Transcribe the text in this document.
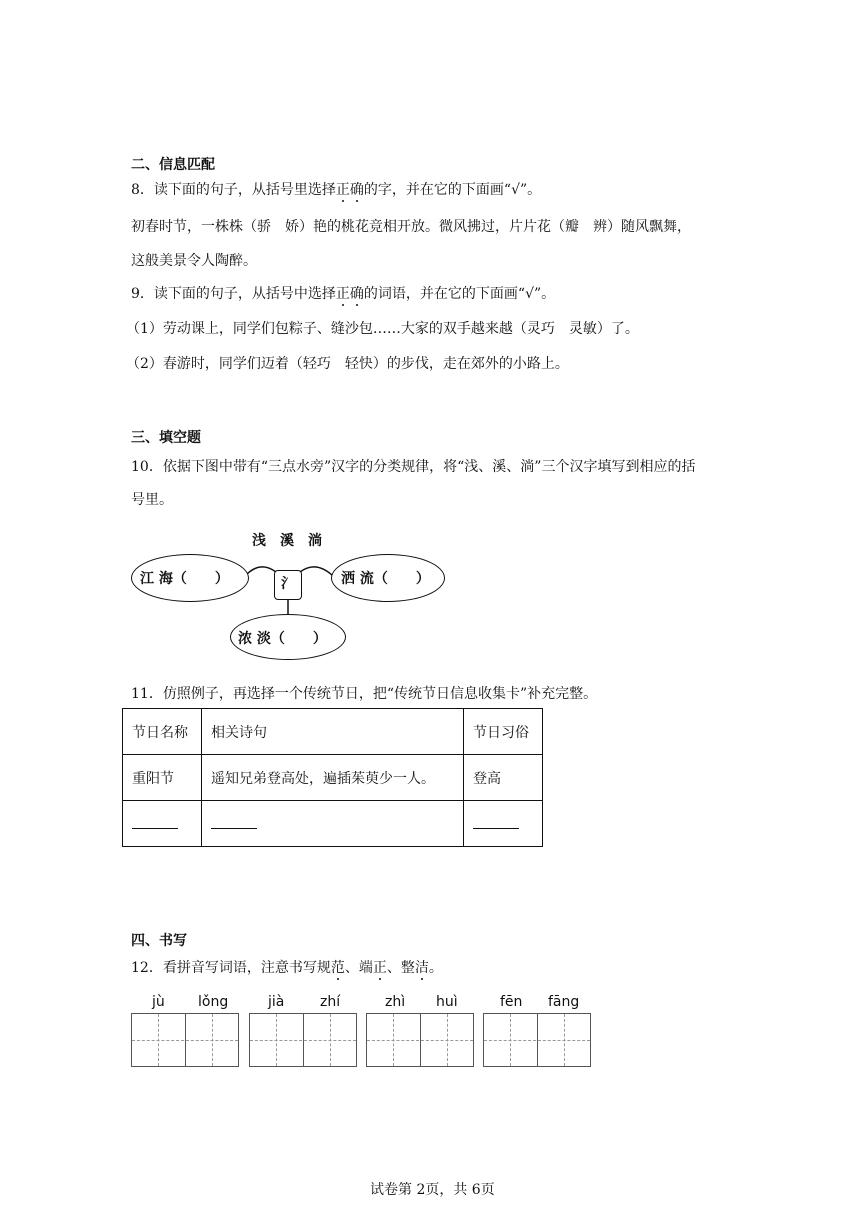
二、信息匹配
8．读下面的句子，从括号里选择正确的字，并在它的下面画“√”。
初春时节，一株株（骄　娇）艳的桃花竞相开放。微风拂过，片片花（瓣　辨）随风飘舞，
这般美景令人陶醉。
9．读下面的句子，从括号中选择正确的词语，并在它的下面画“√”。
（1）劳动课上，同学们包粽子、缝沙包……大家的双手越来越（灵巧　灵敏）了。
（2）春游时，同学们迈着（轻巧　轻快）的步伐，走在郊外的小路上。
三、填空题
10．依据下图中带有“三点水旁”汉字的分类规律，将“浅、溪、淌”三个汉字填写到相应的括
号里。
浅　溪　淌
江 海（　　）	洒 流（　　）
氵
浓 淡（　　）
11．仿照例子，再选择一个传统节日，把“传统节日信息收集卡”补充完整。
节日名称	相关诗句	节日习俗
重阳节	遥知兄弟登高处，遍插茱萸少一人。	登高

四、书写
12．看拼音写词语，注意书写规范、端正、整洁。
jù lǒng	jià	zhí	zhì huì	fēn fāng
试卷第 2页，共 6页
